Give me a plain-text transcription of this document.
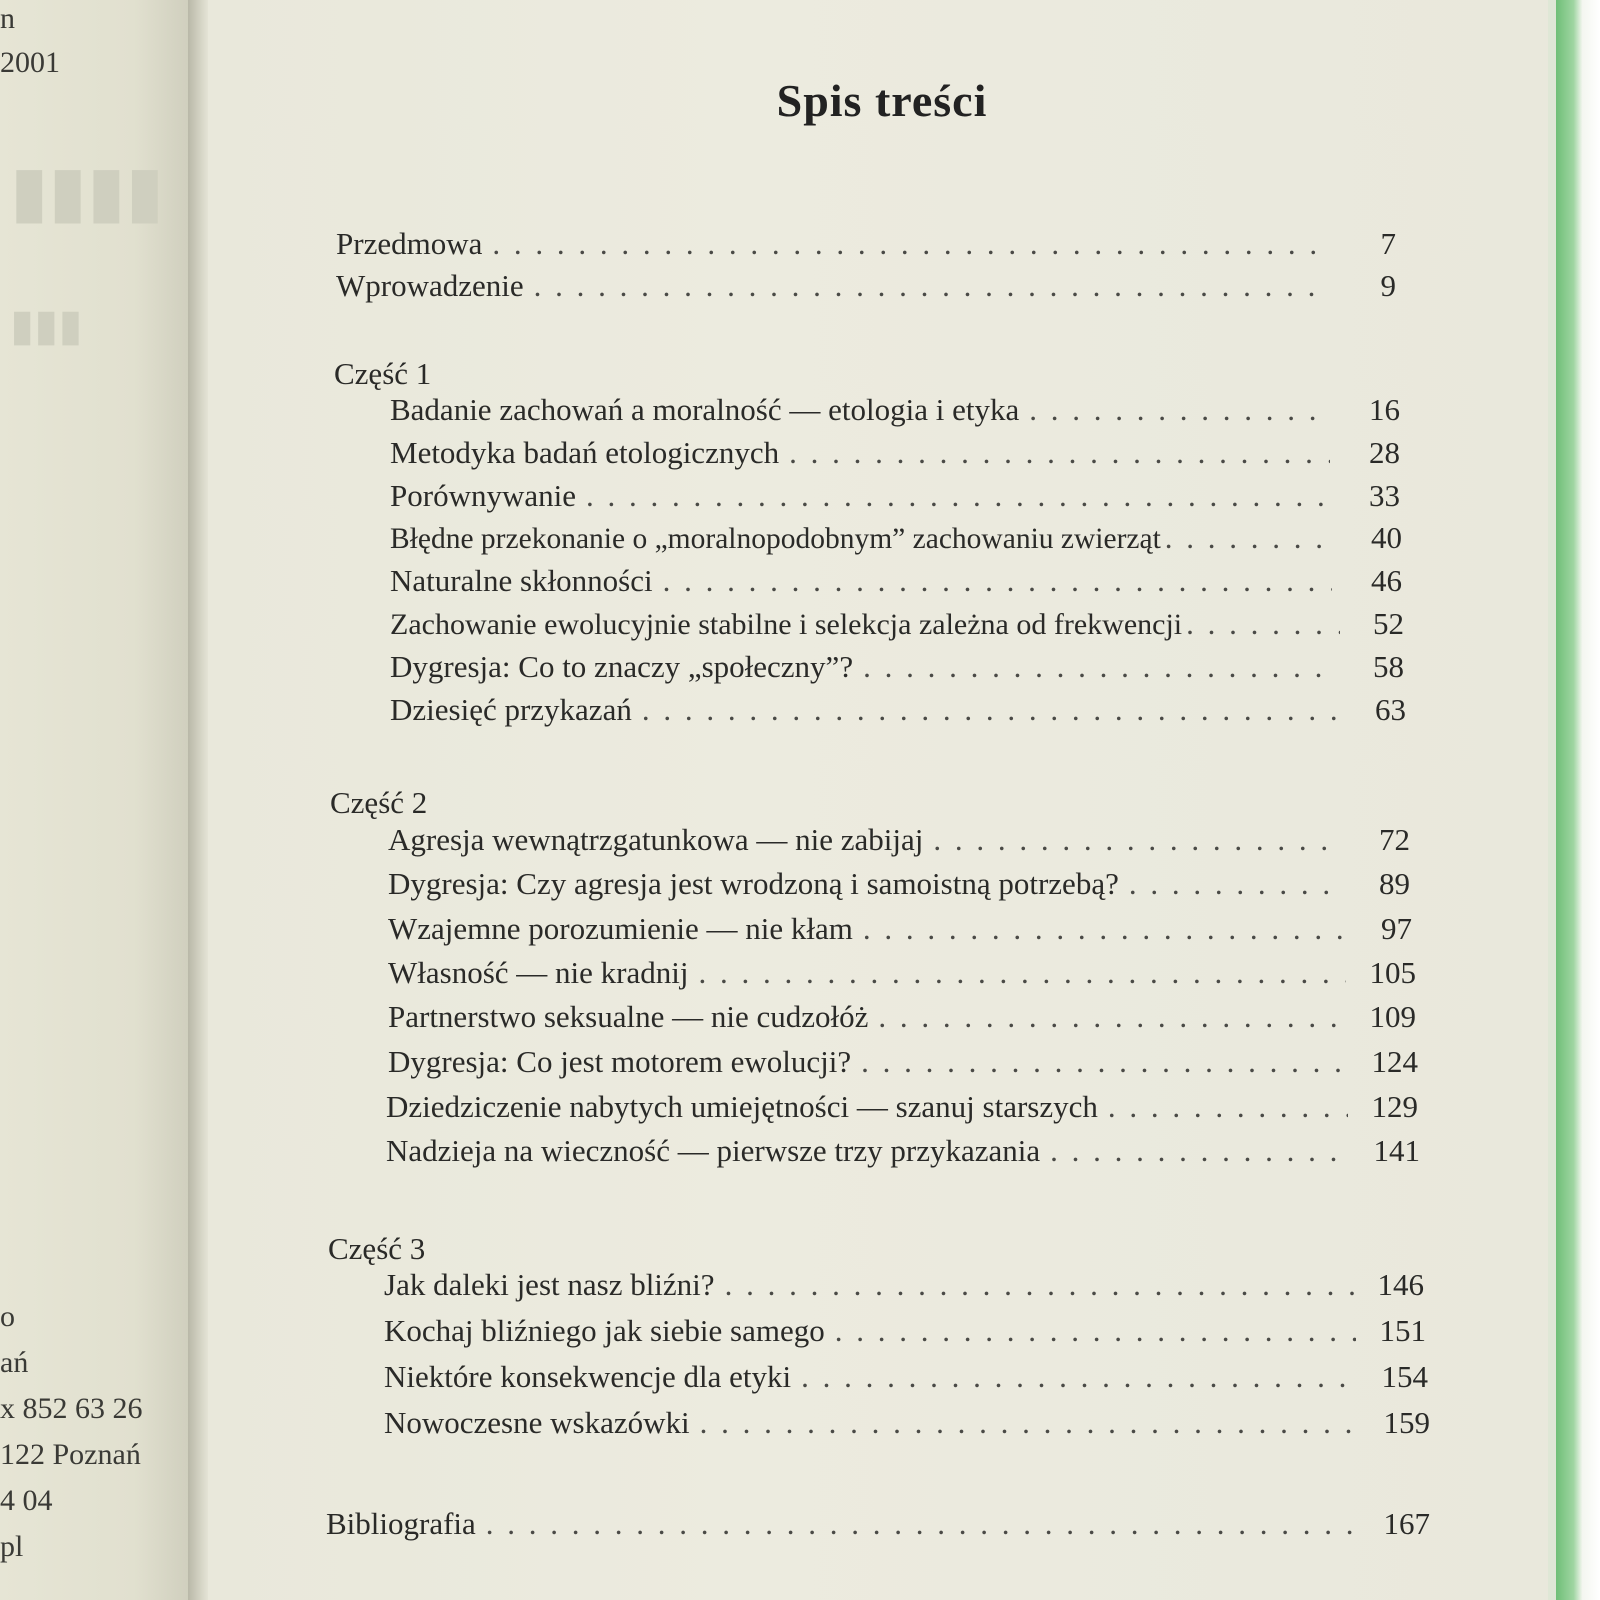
n
2001
o
ań
x 852 63 26
122 Poznań
4 04
pl
▮▮▮▮
▮▮▮
Spis treści
Przedmowa . . .	7
Wprowadzenie . . .	9
Część 1
Badanie zachowań a moralność — etologia i etyka . . .	16
Metodyka badań etologicznych . . .	28
Porównywanie . . .	33
Błędne przekonanie o „moralnopodobnym” zachowaniu zwierząt . . .	40
Naturalne skłonności . . .	46
Zachowanie ewolucyjnie stabilne i selekcja zależna od frekwencji . . .	52
Dygresja: Co to znaczy „społeczny”? . . .	58
Dziesięć przykazań . . .	63
Część 2
Agresja wewnątrzgatunkowa — nie zabijaj . . .	72
Dygresja: Czy agresja jest wrodzoną i samoistną potrzebą? . . .	89
Wzajemne porozumienie — nie kłam . . .	97
Własność — nie kradnij . . .	105
Partnerstwo seksualne — nie cudzołóż . . .	109
Dygresja: Co jest motorem ewolucji? . . .	124
Dziedziczenie nabytych umiejętności — szanuj starszych . . .	129
Nadzieja na wieczność — pierwsze trzy przykazania . . .	141
Część 3
Jak daleki jest nasz bliźni? . . .	146
Kochaj bliźniego jak siebie samego . . .	151
Niektóre konsekwencje dla etyki . . .	154
Nowoczesne wskazówki . . .	159
Bibliografia . . .	167
